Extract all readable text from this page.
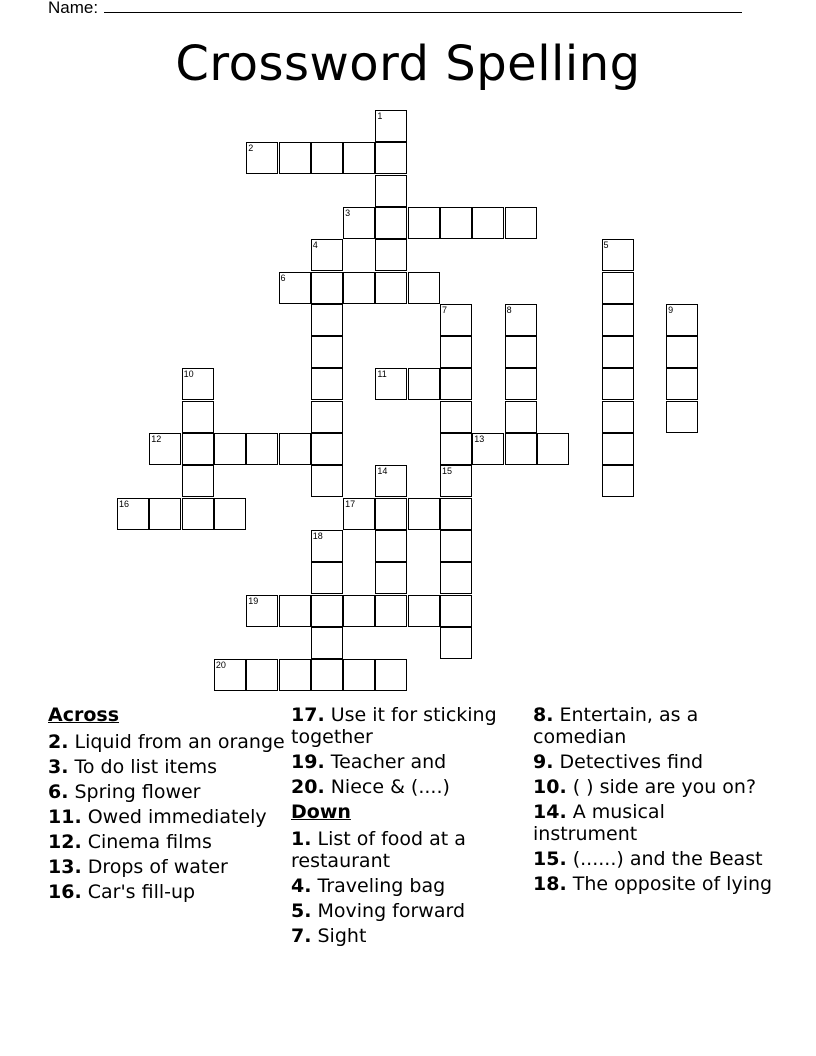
Name:
Crossword Spelling
1
2
3
4	5
6
7	8	9
10	11
12	13
14	15
16	17
18
19
20
Across
2. Liquid from an orange
3. To do list items
6. Spring flower
11. Owed immediately
12. Cinema films
13. Drops of water
16. Car's fill-up
17. Use it for sticking together
19. Teacher and
20. Niece & (....)
Down
1. List of food at a restaurant
4. Traveling bag
5. Moving forward
7. Sight
8. Entertain, as a comedian
9. Detectives find
10. ( ) side are you on?
14. A musical instrument
15. (......) and the Beast
18. The opposite of lying
